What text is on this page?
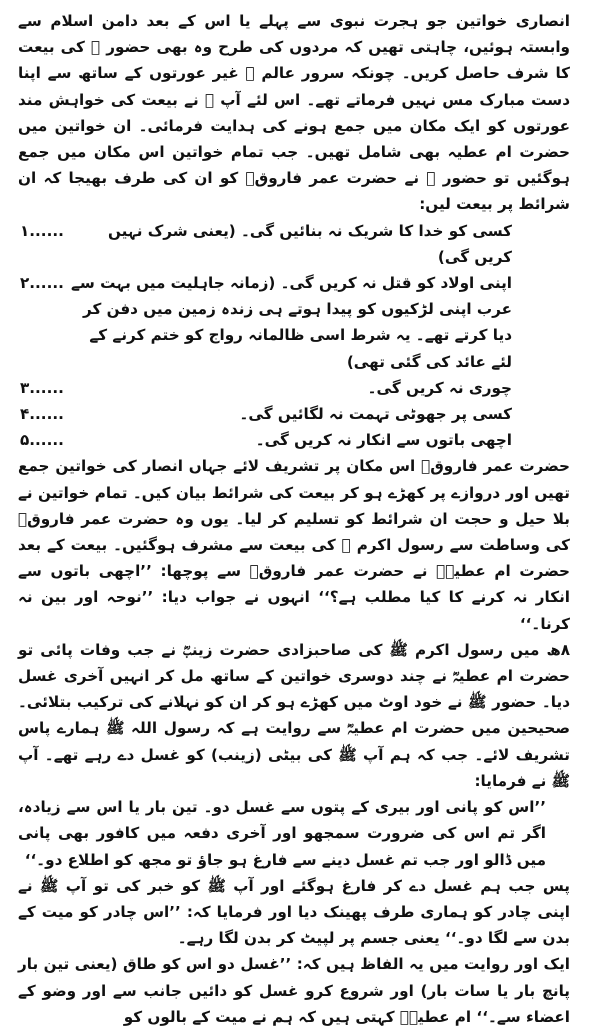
انصاری خواتین جو ہجرت نبوی سے پہلے یا اس کے بعد دامن اسلام سے وابستہ ہوئیں، چاہتی تھیں کہ مردوں کی طرح وہ بھی حضور ﷺ کی بیعت کا شرف حاصل کریں۔ چونکہ سرور عالم ﷺ غیر عورتوں کے ساتھ سے اپنا دست مبارک مس نہیں فرماتے تھے۔ اس لئے آپ ﷺ نے بیعت کی خواہش مند عورتوں کو ایک مکان میں جمع ہونے کی ہدایت فرمائی۔ ان خواتین میں حضرت ام عطیہ بھی شامل تھیں۔ جب تمام خواتین اس مکان میں جمع ہوگئیں تو حضور ﷺ نے حضرت عمر فاروقؓ کو ان کی طرف بھیجا کہ ان شرائط پر بیعت لیں:

۱......	کسی کو خدا کا شریک نہ بنائیں گی۔ (یعنی شرک نہیں کریں گی)
۲...... اپنی اولاد کو قتل نہ کریں گی۔ (زمانہ جاہلیت میں بہت سے عرب اپنی لڑکیوں کو پیدا ہوتے ہی زندہ زمین میں دفن کر دیا کرتے تھے۔ یہ شرط اسی ظالمانہ رواج کو ختم کرنے کے لئے عائد کی گئی تھی)
۳......	چوری نہ کریں گی۔
۴......	کسی پر جھوٹی تہمت نہ لگائیں گی۔
۵......	اچھی باتوں سے انکار نہ کریں گی۔

حضرت عمر فاروقؓ اس مکان پر تشریف لائے جہاں انصار کی خواتین جمع تھیں اور دروازے پر کھڑے ہو کر بیعت کی شرائط بیان کیں۔ تمام خواتین نے بلا حیل و حجت ان شرائط کو تسلیم کر لیا۔ یوں وہ حضرت عمر فاروقؓ کی وساطت سے رسول اکرم ﷺ کی بیعت سے مشرف ہوگئیں۔ بیعت کے بعد حضرت ام عطیہؓ نے حضرت عمر فاروقؓ سے پوچھا: ’’اچھی باتوں سے انکار نہ کرنے کا کیا مطلب ہے؟‘‘ انہوں نے جواب دیا: ’’نوحہ اور بین نہ کرنا۔‘‘

۸ھ میں رسول اکرم ﷺ کی صاحبزادی حضرت زینبؓ نے جب وفات پائی تو حضرت ام عطیہؓ نے چند دوسری خواتین کے ساتھ مل کر انہیں آخری غسل دیا۔ حضور ﷺ نے خود اوٹ میں کھڑے ہو کر ان کو نہلانے کی ترکیب بتلائی۔ صحیحین میں حضرت ام عطیہؓ سے روایت ہے کہ رسول اللہ ﷺ ہمارے پاس تشریف لائے۔ جب کہ ہم آپ ﷺ کی بیٹی (زینب) کو غسل دے رہے تھے۔ آپ ﷺ نے فرمایا:

’’اس کو پانی اور بیری کے پتوں سے غسل دو۔ تین بار یا اس سے زیادہ، اگر تم اس کی ضرورت سمجھو اور آخری دفعہ میں کافور بھی پانی میں ڈالو اور جب تم غسل دینے سے فارغ ہو جاؤ تو مجھ کو اطلاع دو۔‘‘

پس جب ہم غسل دے کر فارغ ہوگئے اور آپ ﷺ کو خبر کی تو آپ ﷺ نے اپنی چادر کو ہماری طرف پھینک دیا اور فرمایا کہ: ’’اس چادر کو میت کے بدن سے لگا دو۔‘‘ یعنی جسم پر لپیٹ کر بدن لگا رہے۔

ایک اور روایت میں یہ الفاظ ہیں کہ: ’’غسل دو اس کو طاق (یعنی تین بار پانچ بار یا سات بار) اور شروع کرو غسل کو دائیں جانب سے اور وضو کے اعضاء سے۔‘‘ ام عطیہؓ کہتی ہیں کہ ہم نے میت کے بالوں کو
